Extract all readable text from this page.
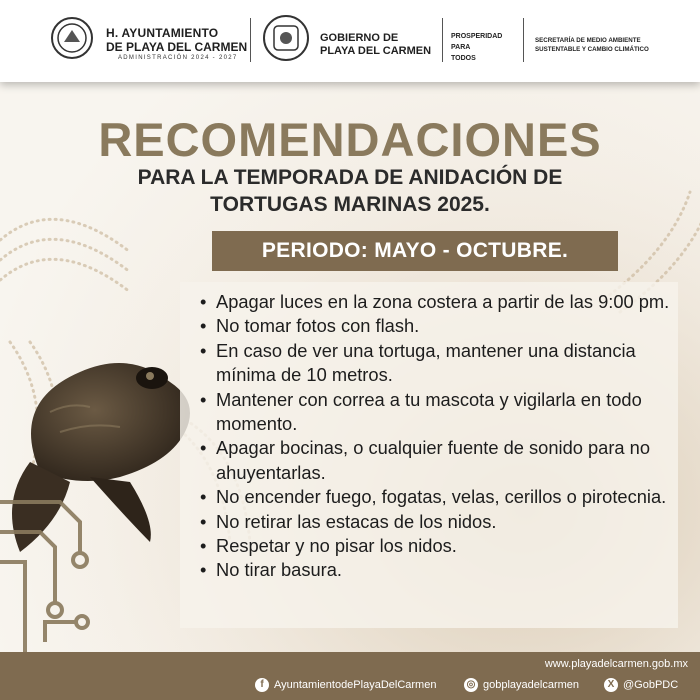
H. AYUNTAMIENTO
DE PLAYA DEL CARMEN
ADMINISTRACIÓN 2024 - 2027
GOBIERNO DE
PLAYA DEL CARMEN
PROSPERIDAD
PARA
TODOS
SECRETARÍA DE MEDIO AMBIENTE
SUSTENTABLE Y CAMBIO CLIMÁTICO
RECOMENDACIONES
PARA LA TEMPORADA DE ANIDACIÓN DE
TORTUGAS MARINAS 2025.
PERIODO: MAYO - OCTUBRE.
• Apagar luces en la zona costera a partir de las 9:00 pm.
• No tomar fotos con flash.
• En caso de ver una tortuga, mantener una distancia mínima de 10 metros.
• Mantener con correa a tu mascota y vigilarla en todo momento.
• Apagar bocinas, o cualquier fuente de sonido para no ahuyentarlas.
• No encender fuego, fogatas, velas, cerillos o pirotecnia.
• No retirar las estacas de los nidos.
• Respetar y no pisar los nidos.
• No tirar basura.
www.playadelcarmen.gob.mx
f AyuntamientodePlayaDelCarmen	◎ gobplayadelcarmen	X @GobPDC
